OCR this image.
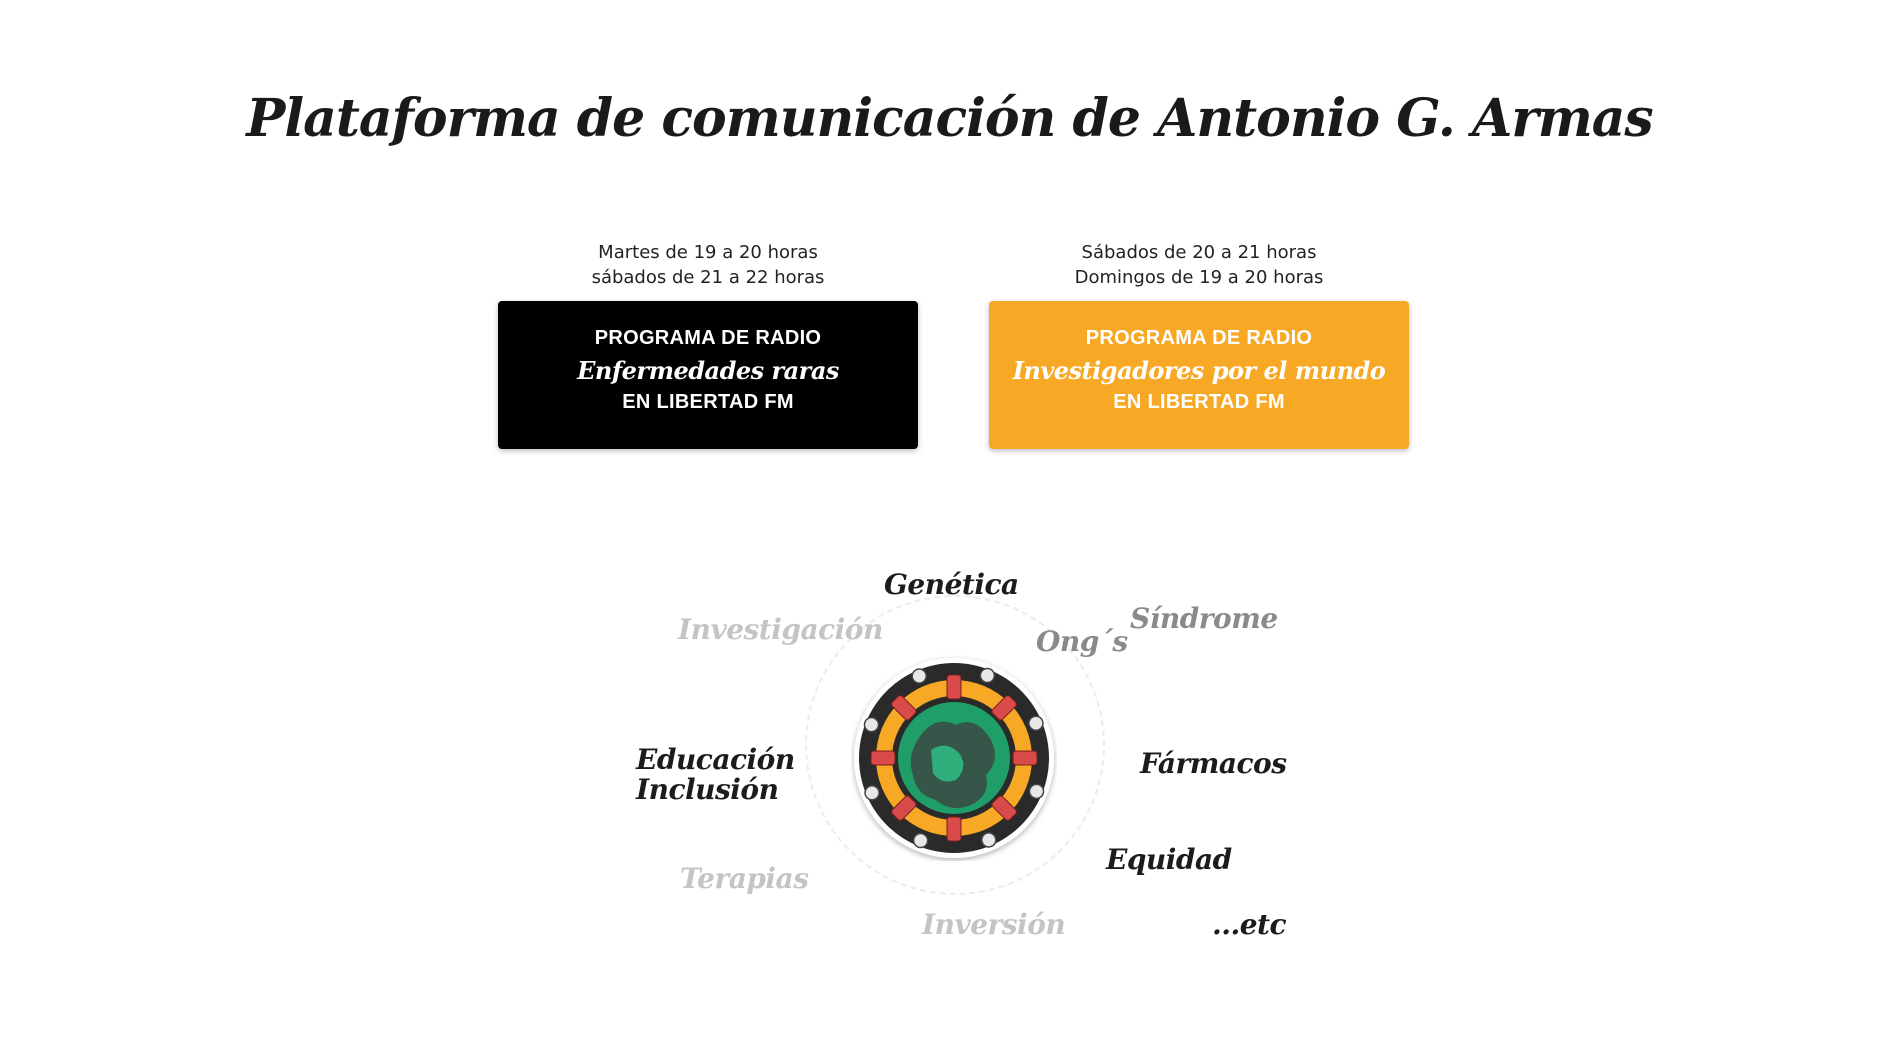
Plataforma de comunicación de Antonio G. Armas
Martes de 19 a 20 horas
sábados de 21 a 22 horas
Sábados de 20 a 21 horas
Domingos de 19 a 20 horas
PROGRAMA DE RADIO
Enfermedades raras
EN LIBERTAD FM
PROGRAMA DE RADIO
Investigadores por el mundo
EN LIBERTAD FM
Genética
Investigación	Ong´s
Síndrome
Educación
Inclusión
Fármacos
Terapias
Equidad
Inversión	...etc
